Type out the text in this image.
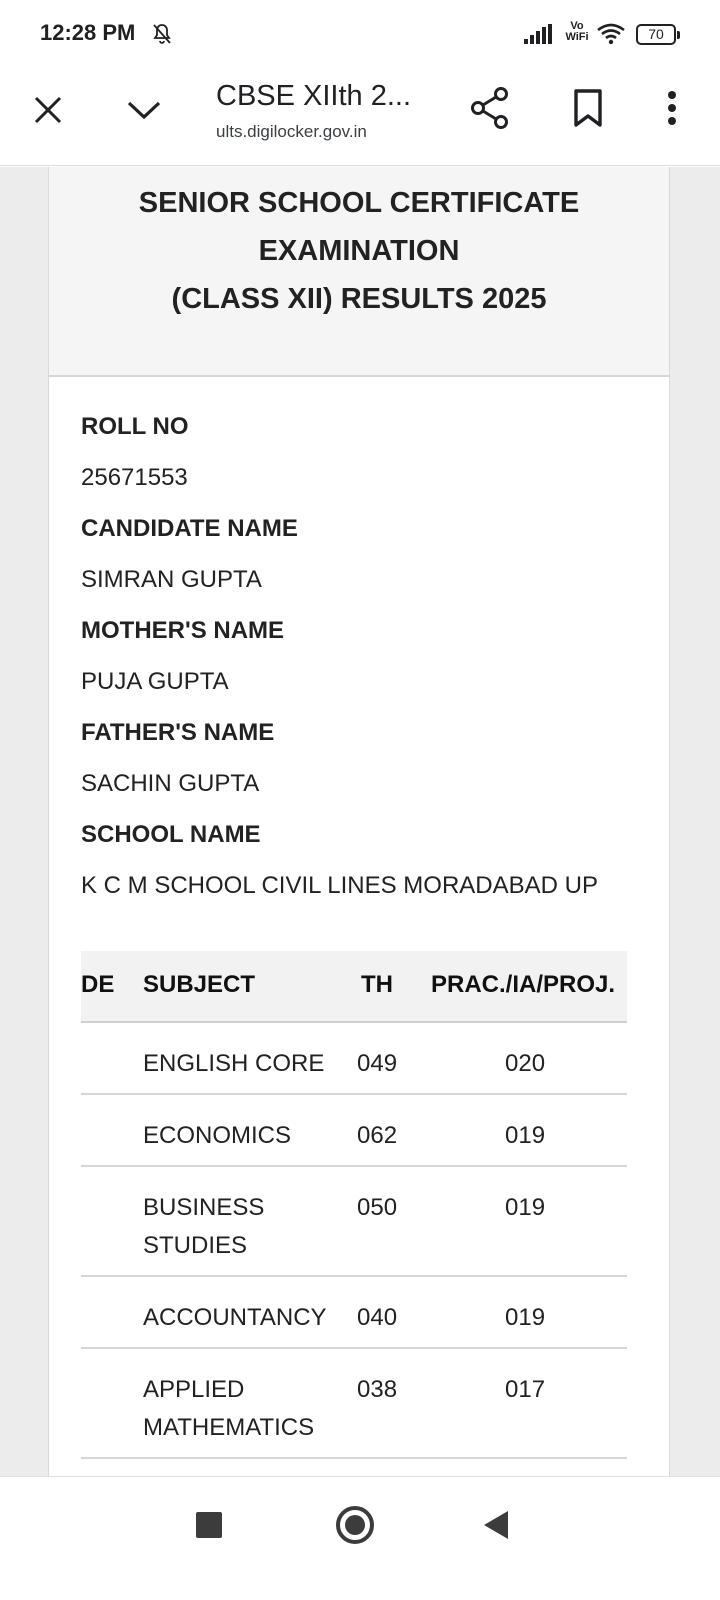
12:28 PM	Vo
WiFi	70
CBSE XIIth 2...
ults.digilocker.gov.in
SENIOR SCHOOL CERTIFICATE
EXAMINATION
(CLASS XII) RESULTS 2025
ROLL NO
25671553
CANDIDATE NAME
SIMRAN GUPTA
MOTHER'S NAME
PUJA GUPTA
FATHER'S NAME
SACHIN GUPTA
SCHOOL NAME
K C M SCHOOL CIVIL LINES MORADABAD UP
DE SUBJECT	TH PRAC./IA/PROJ.
ENGLISH CORE	049	020
ECONOMICS	062	019
BUSINESS
STUDIES
050	019
ACCOUNTANCY	040	019
APPLIED
MATHEMATICS
038	017
